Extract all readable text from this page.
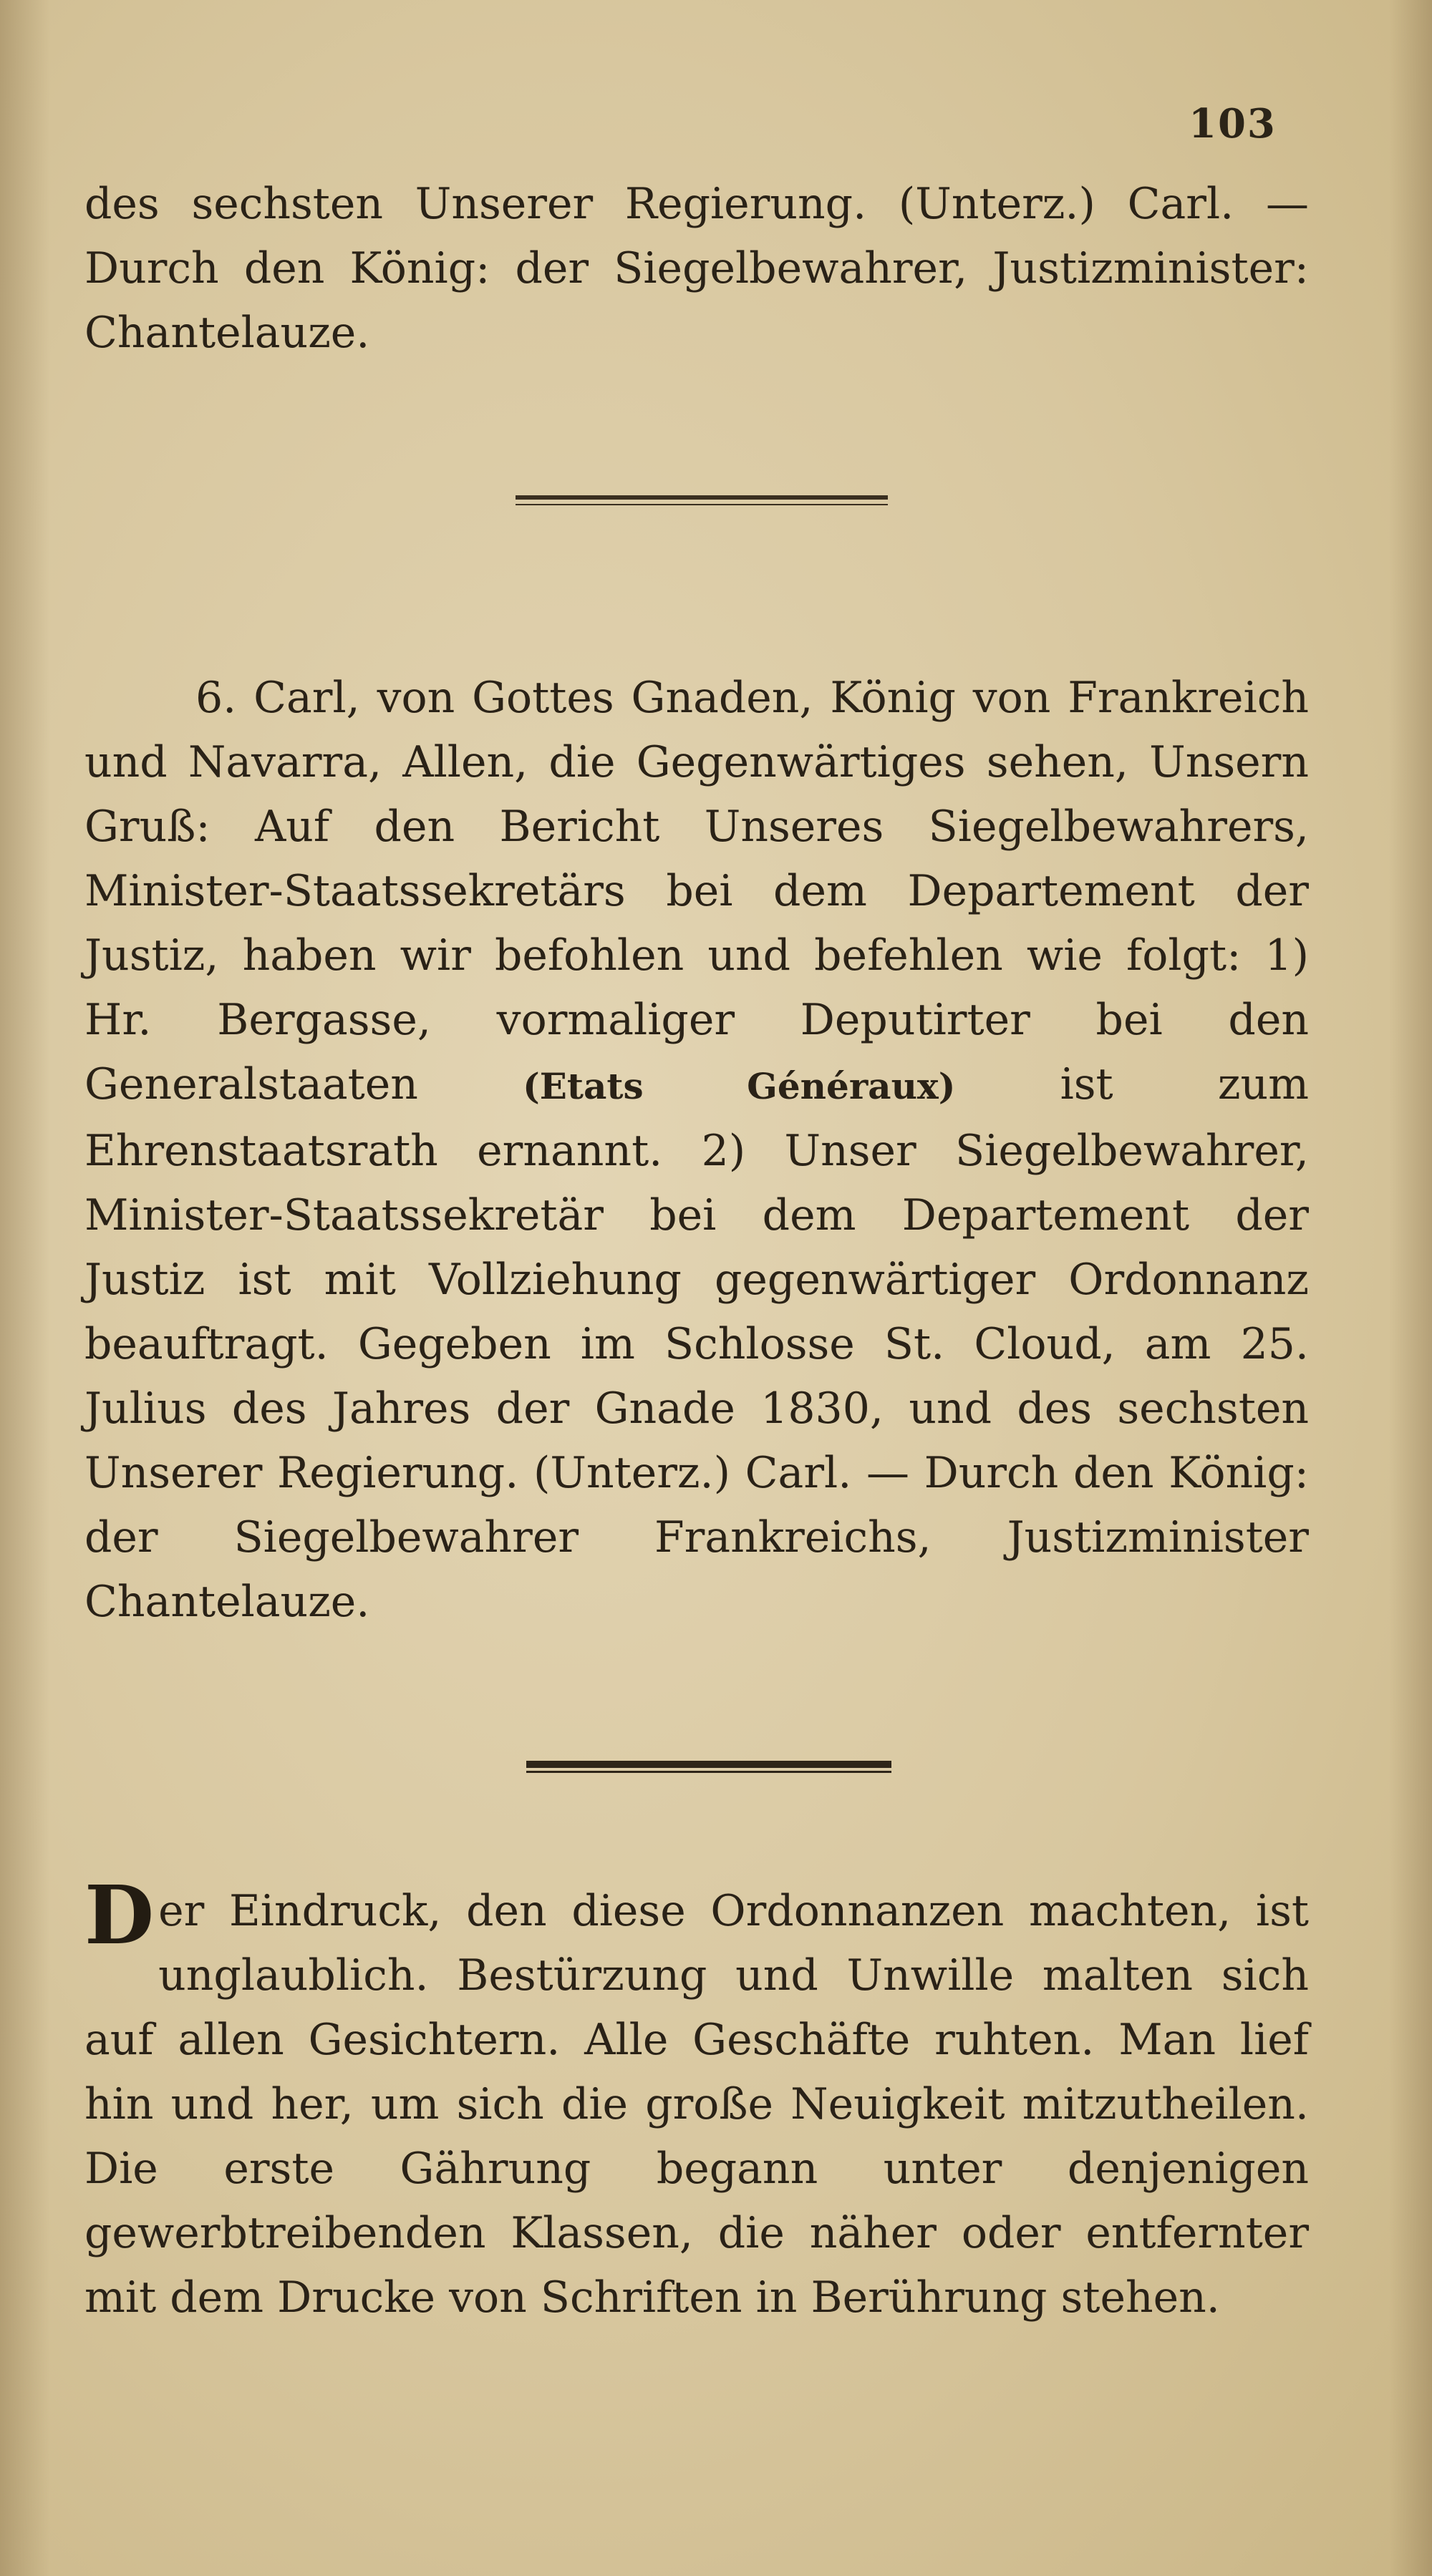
103

des sechsten Unserer Regierung. (Unterz.) Carl. — Durch den König: der Siegelbewahrer, Justizminister: Chantelauze.

6. Carl, von Gottes Gnaden, König von Frankreich und Navarra, Allen, die Gegenwärtiges sehen, Unsern Gruß: Auf den Bericht Unseres Siegelbewahrers, Minister-Staatssekretärs bei dem Departement der Justiz, haben wir befohlen und befehlen wie folgt: 1) Hr. Bergasse, vormaliger Deputirter bei den Generalstaaten (Etats Généraux) ist zum Ehrenstaatsrath ernannt. 2) Unser Siegelbewahrer, Minister-Staatssekretär bei dem Departement der Justiz ist mit Vollziehung gegenwärtiger Ordonnanz beauftragt. Gegeben im Schlosse St. Cloud, am 25. Julius des Jahres der Gnade 1830, und des sechsten Unserer Regierung. (Unterz.) Carl. — Durch den König: der Siegelbewahrer Frankreichs, Justizminister Chantelauze.

Der Eindruck, den diese Ordonnanzen machten, ist unglaublich. Bestürzung und Unwille malten sich auf allen Gesichtern. Alle Geschäfte ruhten. Man lief hin und her, um sich die große Neuigkeit mitzutheilen. Die erste Gährung begann unter denjenigen gewerbtreibenden Klassen, die näher oder entfernter mit dem Drucke von Schriften in Berührung stehen.
